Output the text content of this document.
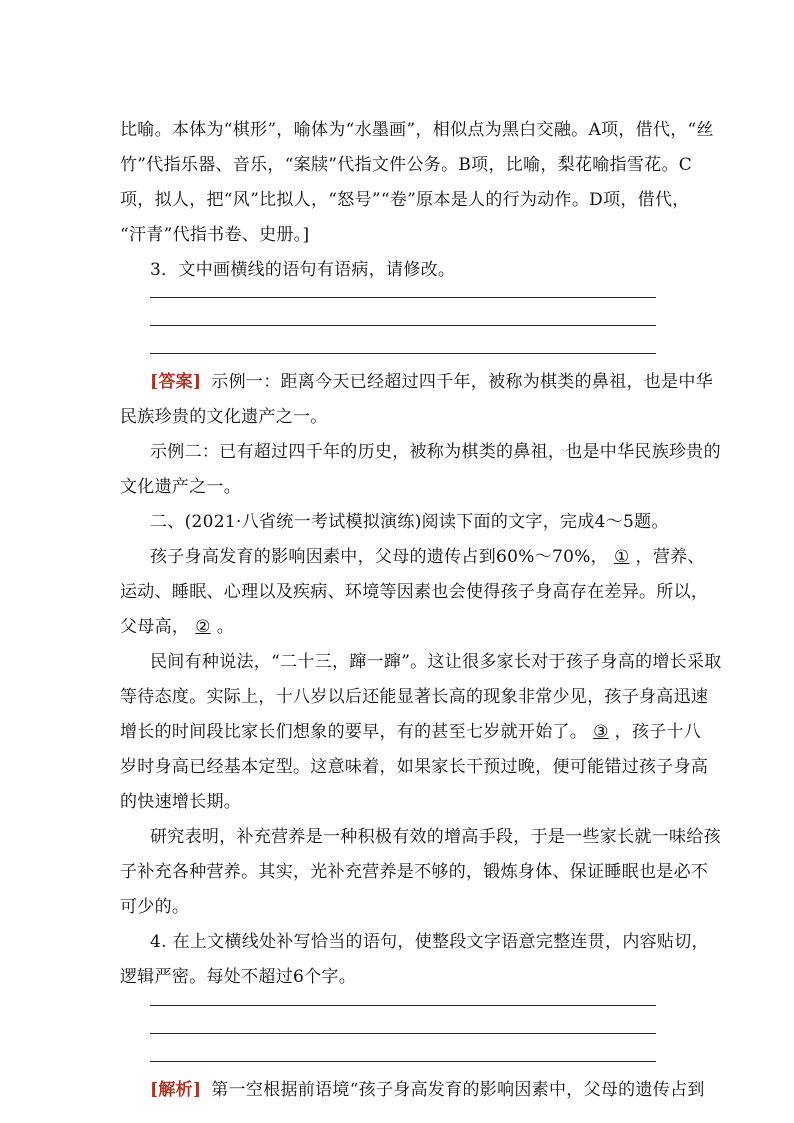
比喻。本体为“棋形”，喻体为“水墨画”，相似点为黑白交融。A项，借代，“丝
竹”代指乐器、音乐，“案牍”代指文件公务。B项，比喻，梨花喻指雪花。C
项，拟人，把“风”比拟人，“怒号”“卷”原本是人的行为动作。D项，借代，
“汗青”代指书卷、史册。]
3．文中画横线的语句有语病，请修改。
[答案] 示例一：距离今天已经超过四千年，被称为棋类的鼻祖，也是中华
民族珍贵的文化遗产之一。
示例二：已有超过四千年的历史，被称为棋类的鼻祖，也是中华民族珍贵的
文化遗产之一。
二、(2021·八省统一考试模拟演练)阅读下面的文字，完成4～5题。
孩子身高发育的影响因素中，父母的遗传占到60%～70%， ① ，营养、
运动、睡眠、心理以及疾病、环境等因素也会使得孩子身高存在差异。所以，
父母高， ② 。
民间有种说法，“二十三，蹿一蹿”。这让很多家长对于孩子身高的增长采取
等待态度。实际上，十八岁以后还能显著长高的现象非常少见，孩子身高迅速
增长的时间段比家长们想象的要早，有的甚至七岁就开始了。 ③ ，孩子十八
岁时身高已经基本定型。这意味着，如果家长干预过晚，便可能错过孩子身高
的快速增长期。
研究表明，补充营养是一种积极有效的增高手段，于是一些家长就一味给孩
子补充各种营养。其实，光补充营养是不够的，锻炼身体、保证睡眠也是必不
可少的。
4. 在上文横线处补写恰当的语句，使整段文字语意完整连贯，内容贴切，
逻辑严密。每处不超过6个字。
[解析] 第一空根据前语境“孩子身高发育的影响因素中，父母的遗传占到
